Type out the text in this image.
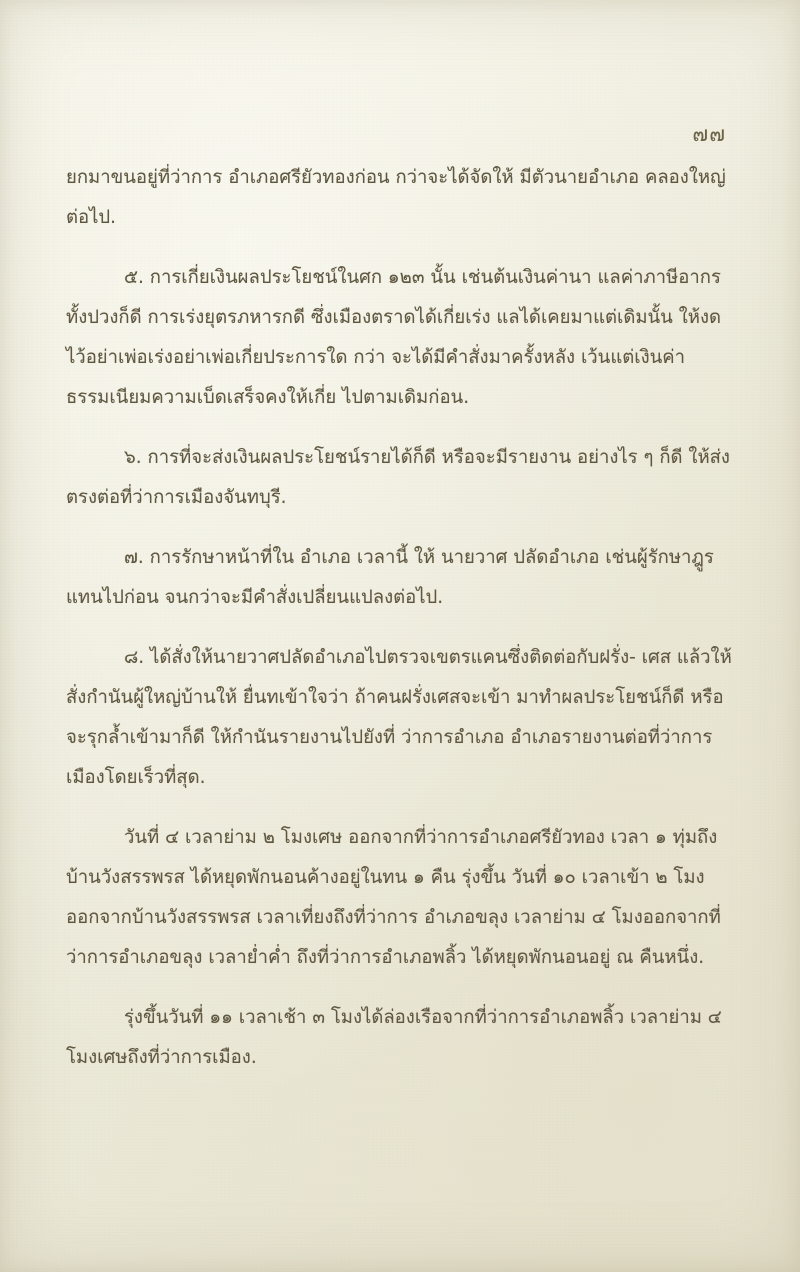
๗๗

ยกมาขนอยู่ที่ว่าการ อำเภอศรียัวทองก่อน กว่าจะได้จัดให้ มีตัวนายอำเภอ คลองใหญ่ต่อไป.

๕. การเกี่ยเงินผลประโยชน์ในศก ๑๒๓ นั้น เช่นต้นเงินค่านา แลค่าภาษีอากรทั้งปวงก็ดี การเร่งยุตรภหารกดี ซึ่งเมืองตราดได้เกี่ยเร่ง แลได้เคยมาแต่เดิมนั้น ให้งดไว้อย่าเพ่อเร่งอย่าเพ่อเกี่ยประการใด กว่า จะได้มีคำสั่งมาครั้งหลัง เว้นแต่เงินค่าธรรมเนียมความเบ็ดเสร็จคงให้เกี่ย ไปตามเดิมก่อน.

๖. การที่จะส่งเงินผลประโยชน์รายได้ก็ดี หรือจะมีรายงาน อย่างไร ๆ ก็ดี ให้ส่งตรงต่อที่ว่าการเมืองจันทบุรี.

๗. การรักษาหน้าที่ใน อำเภอ เวลานี้ ให้ นายวาศ ปลัดอำเภอ เช่นผู้รักษาฎูรแทนไปก่อน จนกว่าจะมีคำสั่งเปลี่ยนแปลงต่อไป.

๘. ได้สั่งให้นายวาศปลัดอำเภอไปตรวจเขตรแคนซึ่งติดต่อกับฝรั่ง- เศส แล้วให้สั่งกำนันผู้ใหญ่บ้านให้ ยื่นทเข้าใจว่า ถ้าคนฝรั่งเศสจะเข้า มาทำผลประโยชน์ก็ดี หรือจะรุกล้ำเข้ามาก็ดี ให้กำนันรายงานไปยังที่ ว่าการอำเภอ อำเภอรายงานต่อที่ว่าการเมืองโดยเร็วที่สุด.

วันที่ ๔ เวลาย่าม ๒ โมงเศษ ออกจากที่ว่าการอำเภอศรียัวทอง เวลา ๑ ทุ่มถึงบ้านวังสรรพรส ได้หยุดพักนอนค้างอยู่ในทน ๑ คืน รุ่งขึ้น วันที่ ๑๐ เวลาเข้า ๒ โมงออกจากบ้านวังสรรพรส เวลาเที่ยงถึงที่ว่าการ อำเภอขลุง เวลาย่าม ๔ โมงออกจากที่ว่าการอำเภอขลุง เวลาย่ำค่ำ ถึงที่ว่าการอำเภอพลิ้ว ได้หยุดพักนอนอยู่ ณ คืนหนึ่ง.

รุ่งขึ้นวันที่ ๑๑ เวลาเช้า ๓ โมงได้ล่องเรือจากที่ว่าการอำเภอพลิ้ว เวลาย่าม ๔ โมงเศษถึงที่ว่าการเมือง.
